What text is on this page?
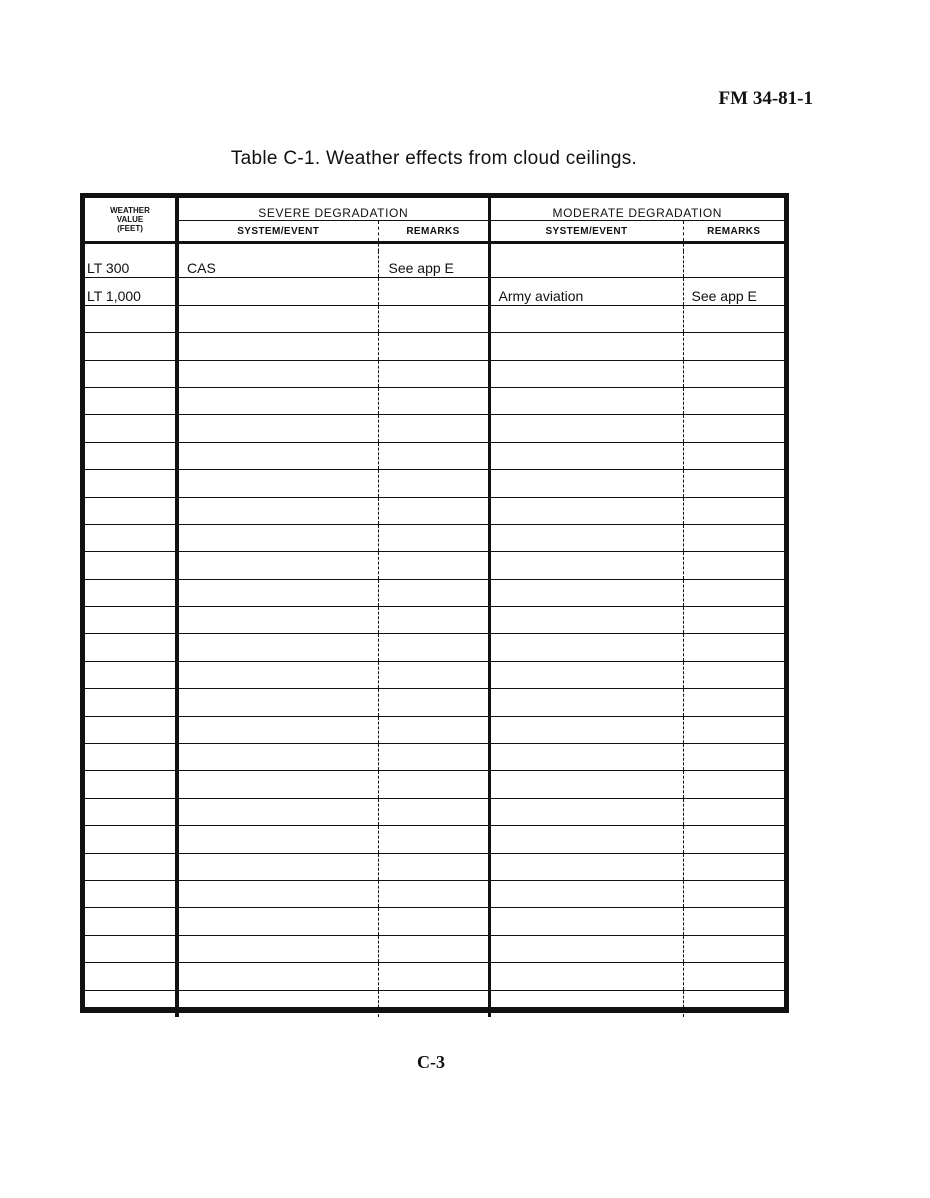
FM 34-81-1
Table C-1. Weather effects from cloud ceilings.
WEATHER
VALUE
(FEET)	SEVERE DEGRADATION		MODERATE DEGRADATION	
	SYSTEM/EVENT	REMARKS	SYSTEM/EVENT	REMARKS

LT 300	CAS	See app E		
LT 1,000			Army aviation	See app E

C-3
